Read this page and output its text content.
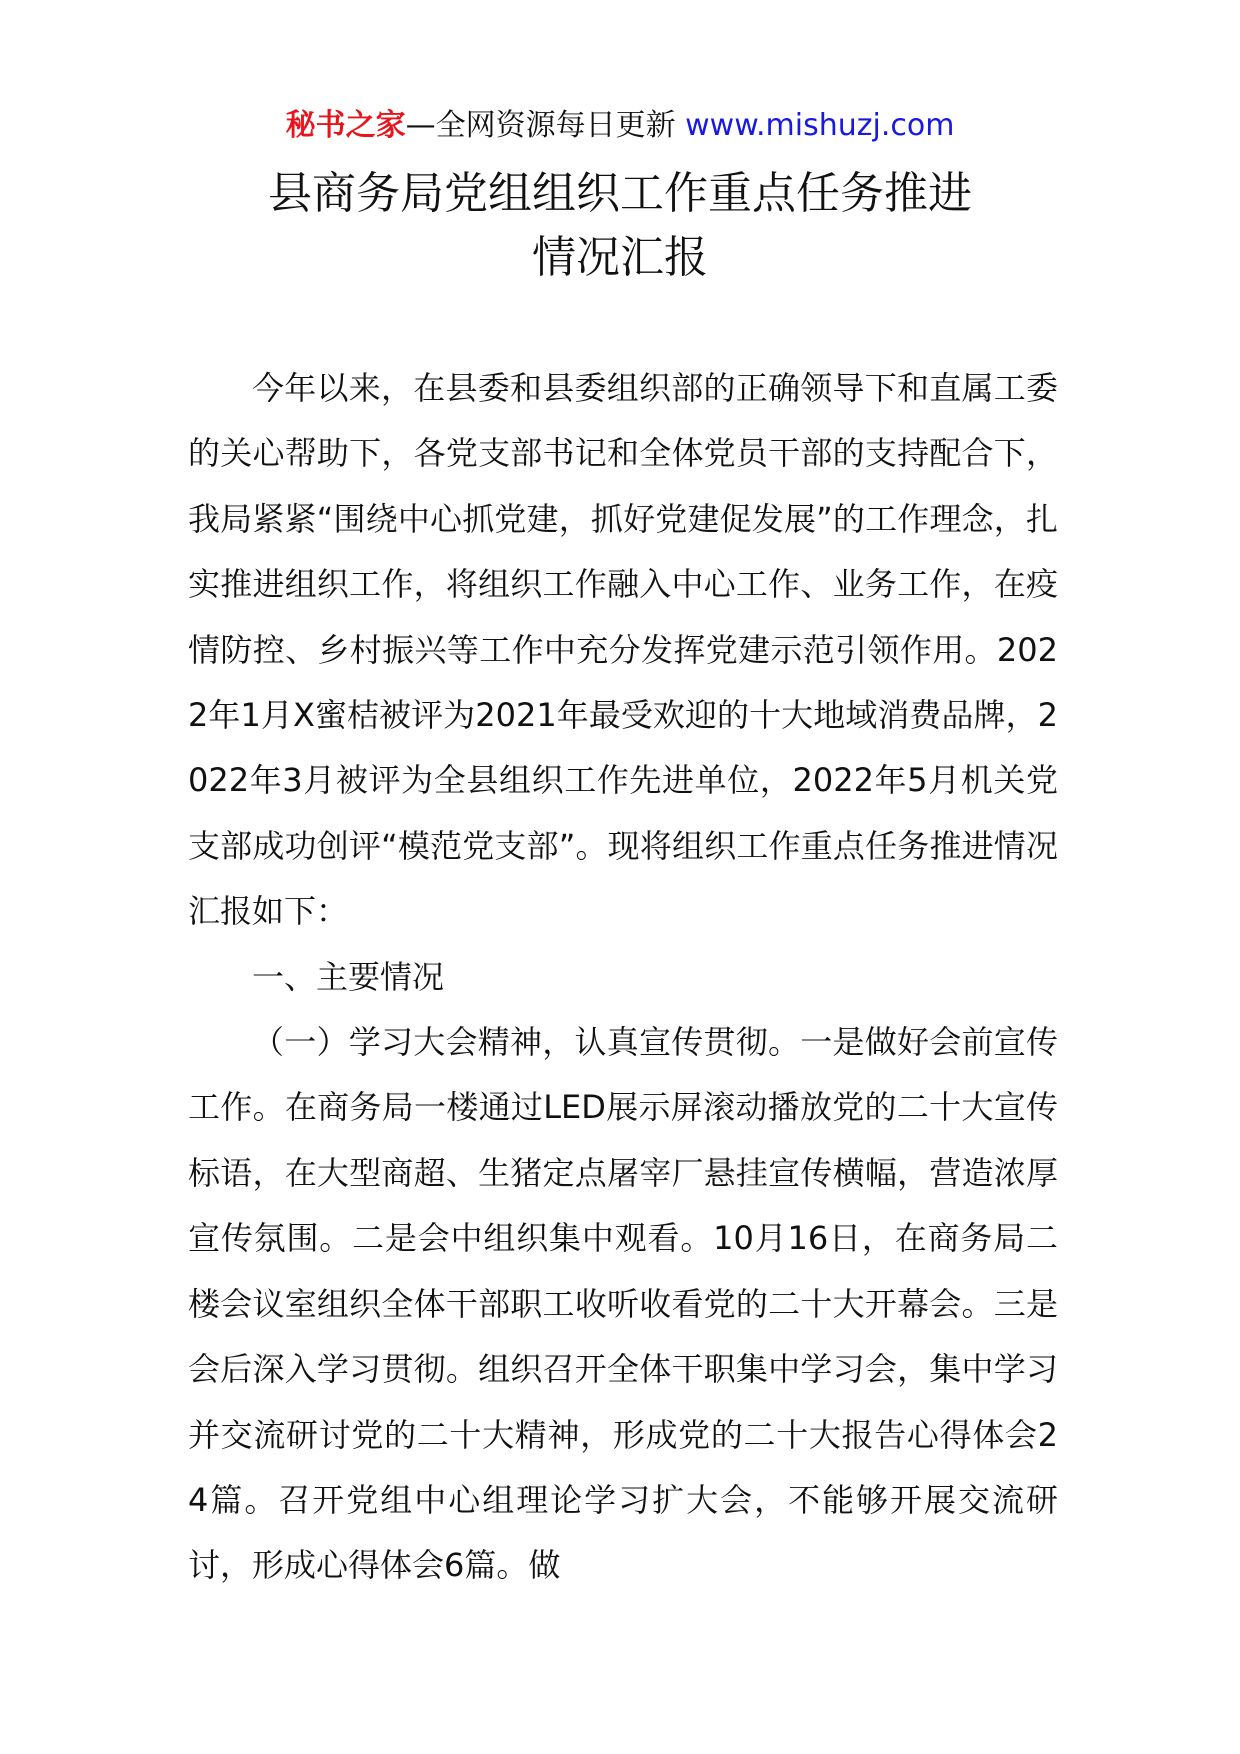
秘书之家—全网资源每日更新 www.mishuzj.com
县商务局党组组织工作重点任务推进
情况汇报

今年以来，在县委和县委组织部的正确领导下和直属工委的关心帮助下，各党支部书记和全体党员干部的支持配合下，我局紧紧“围绕中心抓党建，抓好党建促发展”的工作理念，扎实推进组织工作，将组织工作融入中心工作、业务工作，在疫情防控、乡村振兴等工作中充分发挥党建示范引领作用。2022年1月X蜜桔被评为2021年最受欢迎的十大地域消费品牌，2022年3月被评为全县组织工作先进单位，2022年5月机关党支部成功创评“模范党支部”。现将组织工作重点任务推进情况汇报如下：

一、主要情况

（一）学习大会精神，认真宣传贯彻。一是做好会前宣传工作。在商务局一楼通过LED展示屏滚动播放党的二十大宣传标语，在大型商超、生猪定点屠宰厂悬挂宣传横幅，营造浓厚宣传氛围。二是会中组织集中观看。10月16日，在商务局二楼会议室组织全体干部职工收听收看党的二十大开幕会。三是会后深入学习贯彻。组织召开全体干职集中学习会，集中学习并交流研讨党的二十大精神，形成党的二十大报告心得体会24篇。召开党组中心组理论学习扩大会，不能够开展交流研讨，形成心得体会6篇。做
